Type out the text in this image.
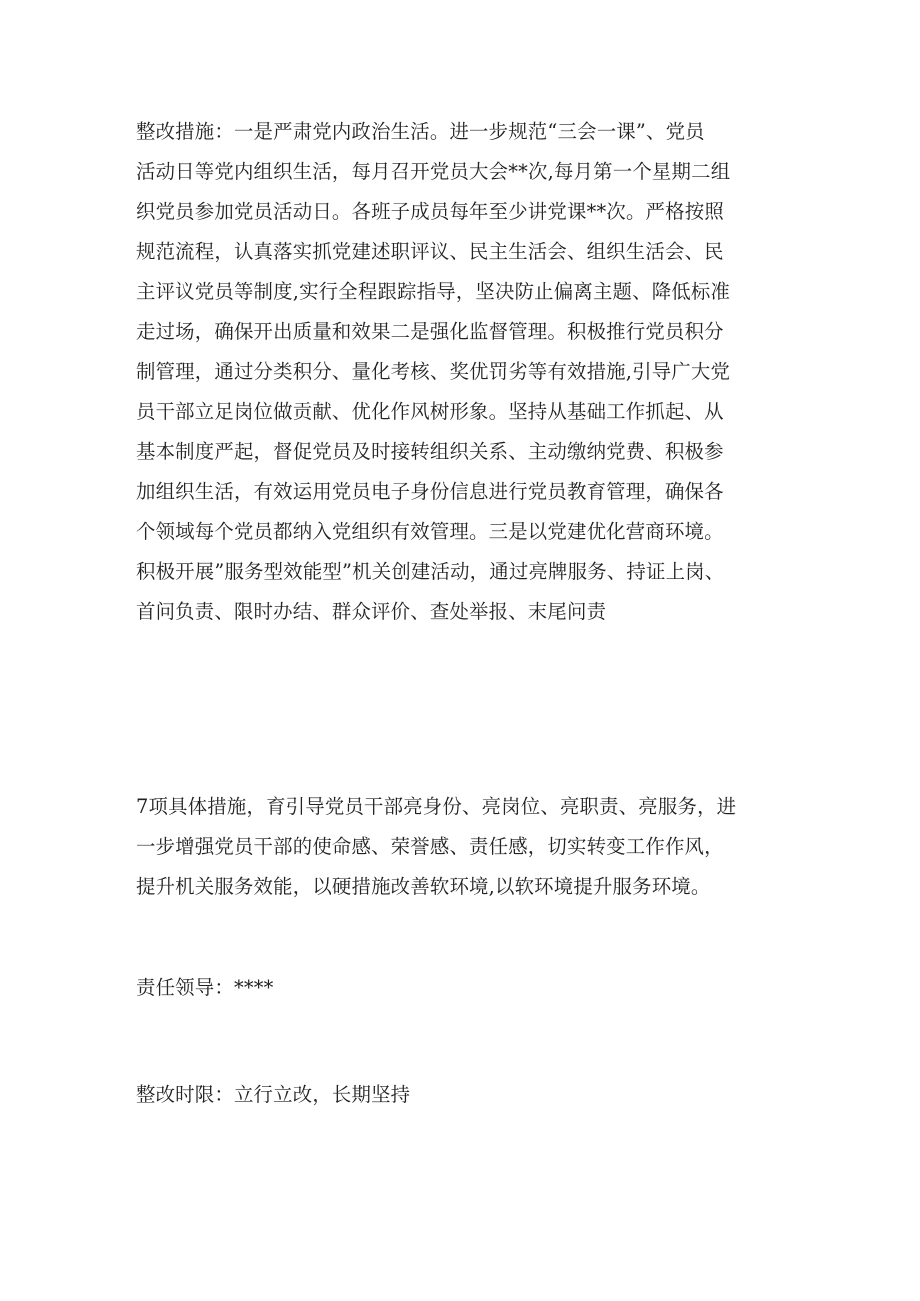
整改措施：一是严肃党内政治生活。进一步规范“三会一课”、党员
活动日等党内组织生活，每月召开党员大会**次,每月第一个星期二组
织党员参加党员活动日。各班子成员每年至少讲党课**次。严格按照
规范流程，认真落实抓党建述职评议、民主生活会、组织生活会、民
主评议党员等制度,实行全程跟踪指导，坚决防止偏离主题、降低标准
走过场，确保开出质量和效果二是强化监督管理。积极推行党员积分
制管理，通过分类积分、量化考核、奖优罚劣等有效措施,引导广大党
员干部立足岗位做贡献、优化作风树形象。坚持从基础工作抓起、从
基本制度严起，督促党员及时接转组织关系、主动缴纳党费、积极参
加组织生活，有效运用党员电子身份信息进行党员教育管理，确保各
个领域每个党员都纳入党组织有效管理。三是以党建优化营商环境。
积极开展”服务型效能型”机关创建活动，通过亮牌服务、持证上岗、
首问负责、限时办结、群众评价、查处举报、末尾问责
7项具体措施，育引导党员干部亮身份、亮岗位、亮职责、亮服务，进
一步增强党员干部的使命感、荣誉感、责任感，切实转变工作作风，
提升机关服务效能，以硬措施改善软环境,以软环境提升服务环境。
责任领导：****
整改时限：立行立改，长期坚持
